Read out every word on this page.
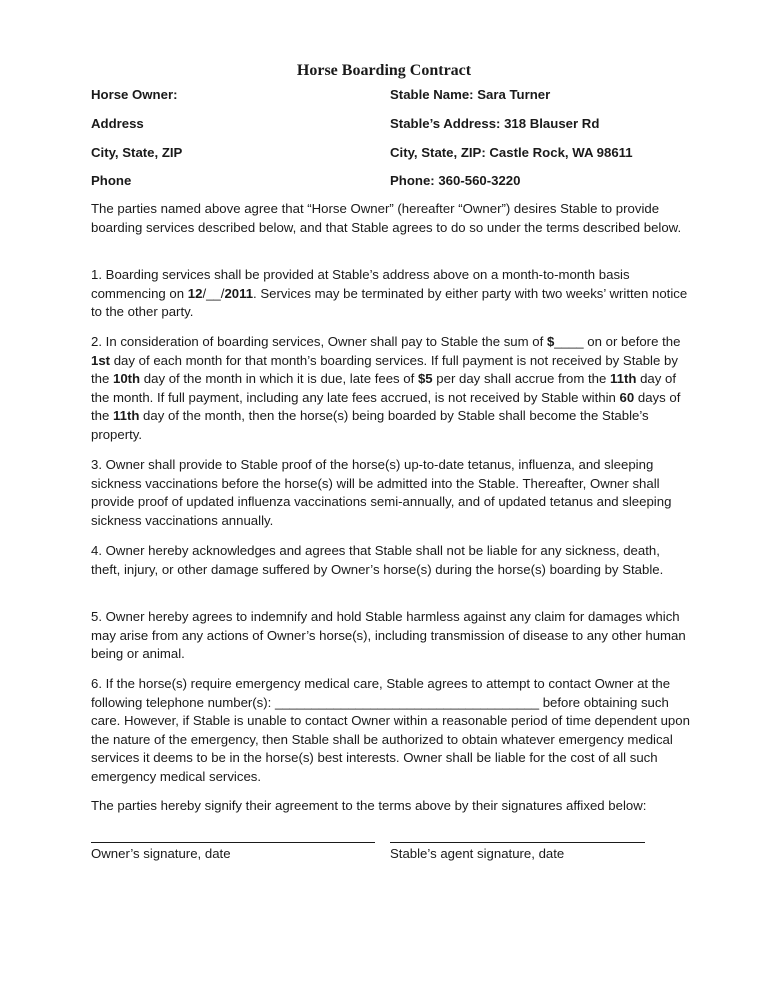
Horse Boarding Contract
Horse Owner:	Stable Name: Sara Turner
Address	Stable’s Address: 318 Blauser Rd
City, State, ZIP	City, State, ZIP: Castle Rock, WA 98611
Phone	Phone: 360-560-3220

The parties named above agree that “Horse Owner” (hereafter “Owner”) desires Stable to provide boarding services described below, and that Stable agrees to do so under the terms described below.

1. Boarding services shall be provided at Stable’s address above on a month-to-month basis commencing on 12/__/2011. Services may be terminated by either party with two weeks’ written notice to the other party.

2. In consideration of boarding services, Owner shall pay to Stable the sum of $____ on or before the 1st day of each month for that month’s boarding services. If full payment is not received by Stable by the 10th day of the month in which it is due, late fees of $5 per day shall accrue from the 11th day of the month. If full payment, including any late fees accrued, is not received by Stable within 60 days of the 11th day of the month, then the horse(s) being boarded by Stable shall become the Stable’s property.

3. Owner shall provide to Stable proof of the horse(s) up-to-date tetanus, influenza, and sleeping sickness vaccinations before the horse(s) will be admitted into the Stable. Thereafter, Owner shall provide proof of updated influenza vaccinations semi-annually, and of updated tetanus and sleeping sickness vaccinations annually.

4. Owner hereby acknowledges and agrees that Stable shall not be liable for any sickness, death, theft, injury, or other damage suffered by Owner’s horse(s) during the horse(s) boarding by Stable.

5. Owner hereby agrees to indemnify and hold Stable harmless against any claim for damages which may arise from any actions of Owner’s horse(s), including transmission of disease to any other human being or animal.

6. If the horse(s) require emergency medical care, Stable agrees to attempt to contact Owner at the following telephone number(s): ____________________________________ before obtaining such care. However, if Stable is unable to contact Owner within a reasonable period of time dependent upon the nature of the emergency, then Stable shall be authorized to obtain whatever emergency medical services it deems to be in the horse(s) best interests. Owner shall be liable for the cost of all such emergency medical services.

The parties hereby signify their agreement to the terms above by their signatures affixed below:

Owner’s signature, date	Stable’s agent signature, date
